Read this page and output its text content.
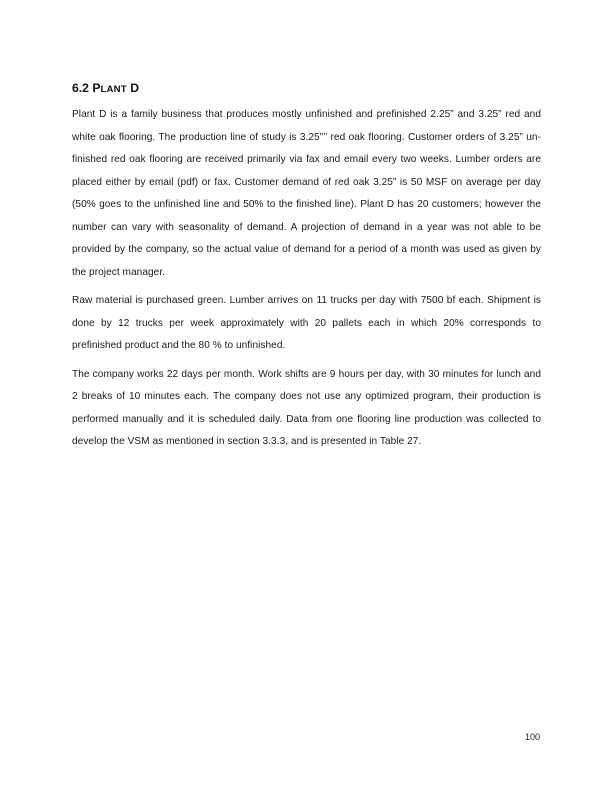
6.2 PLANT D

Plant D is a family business that produces mostly unfinished and prefinished 2.25” and 3.25” red and white oak flooring. The production line of study is 3.25”’’ red oak flooring. Customer orders of 3.25” un-finished red oak flooring are received primarily via fax and email every two weeks. Lumber orders are placed either by email (pdf) or fax. Customer demand of red oak 3.25” is 50 MSF on average per day (50% goes to the unfinished line and 50% to the finished line). Plant D has 20 customers; however the number can vary with seasonality of demand. A projection of demand in a year was not able to be provided by the company, so the actual value of demand for a period of a month was used as given by the project manager.

Raw material is purchased green. Lumber arrives on 11 trucks per day with 7500 bf each. Shipment is done by 12 trucks per week approximately with 20 pallets each in which 20% corresponds to prefinished product and the 80 % to unfinished.

The company works 22 days per month. Work shifts are 9 hours per day, with 30 minutes for lunch and 2 breaks of 10 minutes each. The company does not use any optimized program, their production is performed manually and it is scheduled daily. Data from one flooring line production was collected to develop the VSM as mentioned in section 3.3.3, and is presented in Table 27.

100
